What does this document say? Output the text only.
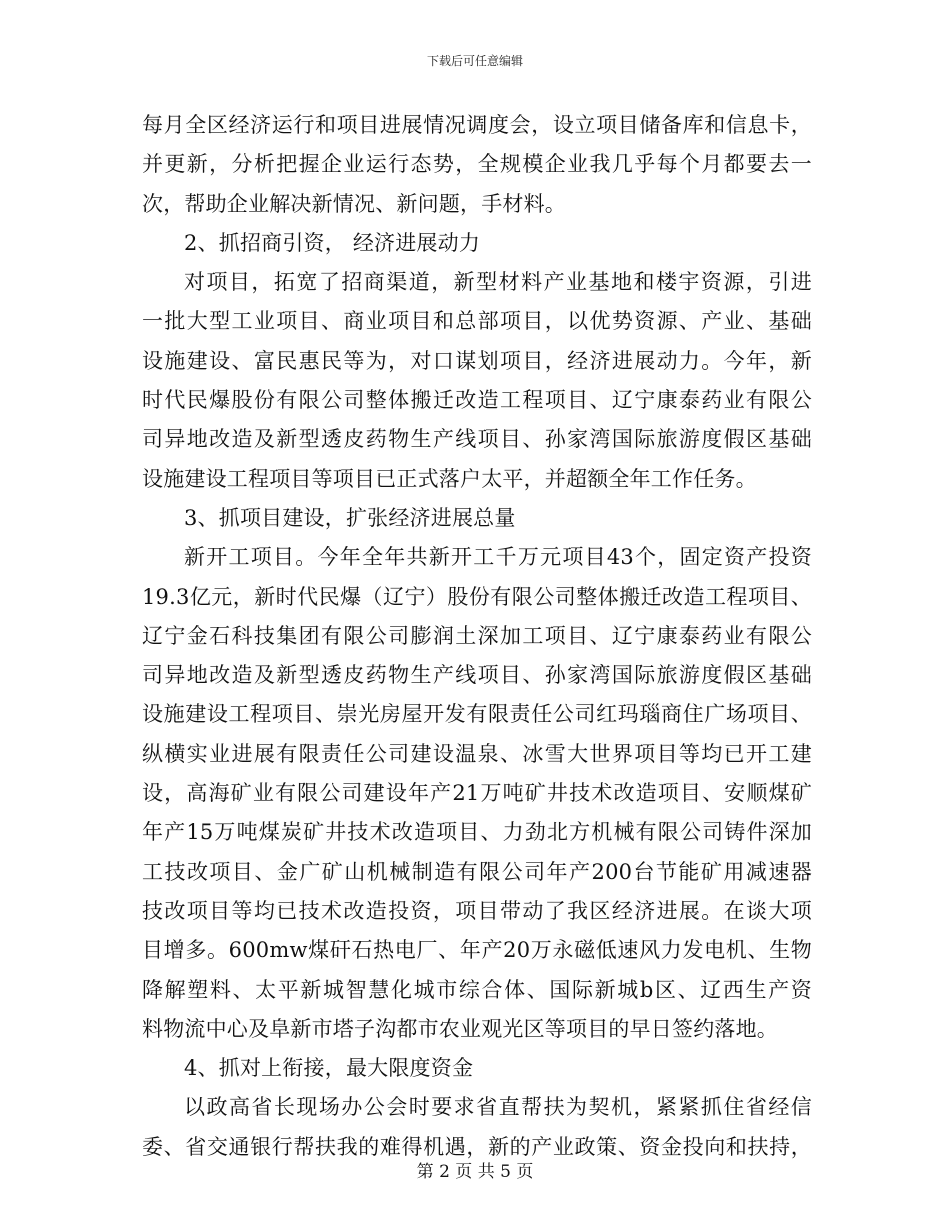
下载后可任意编辑
每月全区经济运行和项目进展情况调度会，设立项目储备库和信息卡，
并更新，分析把握企业运行态势，全规模企业我几乎每个月都要去一
次，帮助企业解决新情况、新问题，手材料。
2、抓招商引资， 经济进展动力
对项目，拓宽了招商渠道，新型材料产业基地和楼宇资源，引进
一批大型工业项目、商业项目和总部项目，以优势资源、产业、基础
设施建设、富民惠民等为，对口谋划项目，经济进展动力。今年，新
时代民爆股份有限公司整体搬迁改造工程项目、辽宁康泰药业有限公
司异地改造及新型透皮药物生产线项目、孙家湾国际旅游度假区基础
设施建设工程项目等项目已正式落户太平，并超额全年工作任务。
3、抓项目建设，扩张经济进展总量
新开工项目。今年全年共新开工千万元项目43个，固定资产投资
19.3亿元，新时代民爆（辽宁）股份有限公司整体搬迁改造工程项目、
辽宁金石科技集团有限公司膨润土深加工项目、辽宁康泰药业有限公
司异地改造及新型透皮药物生产线项目、孙家湾国际旅游度假区基础
设施建设工程项目、崇光房屋开发有限责任公司红玛瑙商住广场项目、
纵横实业进展有限责任公司建设温泉、冰雪大世界项目等均已开工建
设，高海矿业有限公司建设年产21万吨矿井技术改造项目、安顺煤矿
年产15万吨煤炭矿井技术改造项目、力劲北方机械有限公司铸件深加
工技改项目、金广矿山机械制造有限公司年产200台节能矿用减速器
技改项目等均已技术改造投资，项目带动了我区经济进展。在谈大项
目增多。600mw煤矸石热电厂、年产20万永磁低速风力发电机、生物
降解塑料、太平新城智慧化城市综合体、国际新城b区、辽西生产资
料物流中心及阜新市塔子沟都市农业观光区等项目的早日签约落地。
4、抓对上衔接，最大限度资金
以政高省长现场办公会时要求省直帮扶为契机，紧紧抓住省经信
委、省交通银行帮扶我的难得机遇，新的产业政策、资金投向和扶持，
第 2 页 共 5 页
